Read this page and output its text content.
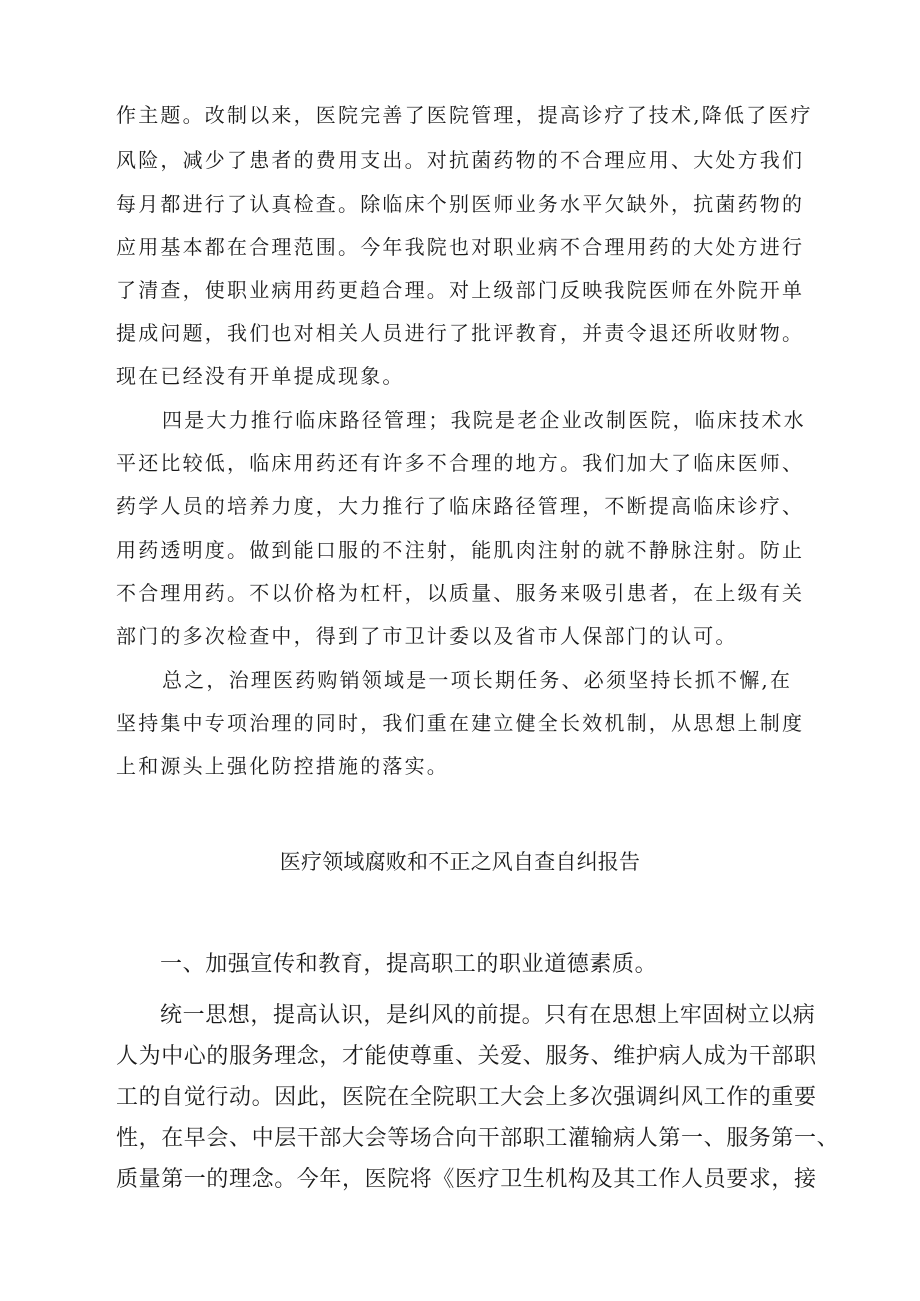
作主题。改制以来，医院完善了医院管理，提高诊疗了技术,降低了医疗

风险，减少了患者的费用支出。对抗菌药物的不合理应用、大处方我们

每月都进行了认真检查。除临床个别医师业务水平欠缺外，抗菌药物的

应用基本都在合理范围。今年我院也对职业病不合理用药的大处方进行

了清查，使职业病用药更趋合理。对上级部门反映我院医师在外院开单

提成问题，我们也对相关人员进行了批评教育，并责令退还所收财物。

现在已经没有开单提成现象。

四是大力推行临床路径管理；我院是老企业改制医院，临床技术水

平还比较低，临床用药还有许多不合理的地方。我们加大了临床医师、

药学人员的培养力度，大力推行了临床路径管理，不断提高临床诊疗、

用药透明度。做到能口服的不注射，能肌肉注射的就不静脉注射。防止

不合理用药。不以价格为杠杆，以质量、服务来吸引患者，在上级有关

部门的多次检查中，得到了市卫计委以及省市人保部门的认可。

总之，治理医药购销领域是一项长期任务、必须坚持长抓不懈,在

坚持集中专项治理的同时，我们重在建立健全长效机制，从思想上制度

上和源头上强化防控措施的落实。

医疗领域腐败和不正之风自查自纠报告

一、加强宣传和教育，提高职工的职业道德素质。

统一思想，提高认识，是纠风的前提。只有在思想上牢固树立以病

人为中心的服务理念，才能使尊重、关爱、服务、维护病人成为干部职

工的自觉行动。因此，医院在全院职工大会上多次强调纠风工作的重要

性，在早会、中层干部大会等场合向干部职工灌输病人第一、服务第一、

质量第一的理念。今年，医院将《医疗卫生机构及其工作人员要求，接
